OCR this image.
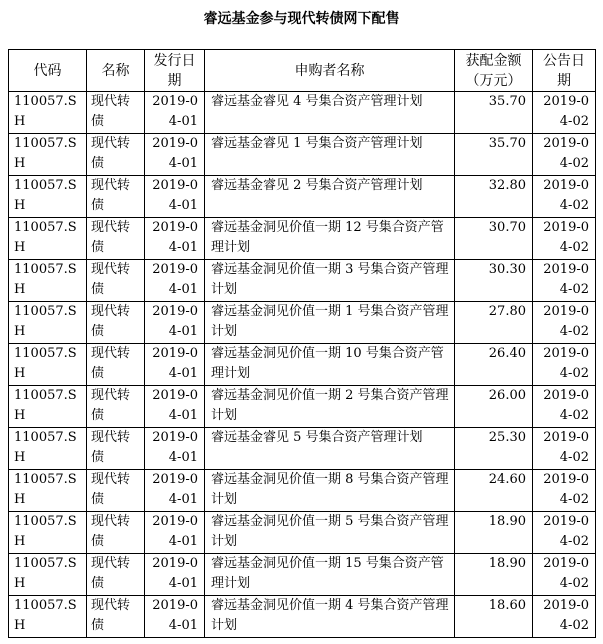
睿远基金参与现代转债网下配售
代码	名称	发行日期	申购者名称	获配金额（万元）	公告日期
110057.SH	现代转债	2019-04-01	睿远基金睿见 4 号集合资产管理计划	35.70	2019-04-02
110057.SH	现代转债	2019-04-01	睿远基金睿见 1 号集合资产管理计划	35.70	2019-04-02
110057.SH	现代转债	2019-04-01	睿远基金睿见 2 号集合资产管理计划	32.80	2019-04-02
110057.SH	现代转债	2019-04-01	睿远基金洞见价值一期 12 号集合资产管理计划	30.70	2019-04-02
110057.SH	现代转债	2019-04-01	睿远基金洞见价值一期 3 号集合资产管理计划	30.30	2019-04-02
110057.SH	现代转债	2019-04-01	睿远基金洞见价值一期 1 号集合资产管理计划	27.80	2019-04-02
110057.SH	现代转债	2019-04-01	睿远基金洞见价值一期 10 号集合资产管理计划	26.40	2019-04-02
110057.SH	现代转债	2019-04-01	睿远基金洞见价值一期 2 号集合资产管理计划	26.00	2019-04-02
110057.SH	现代转债	2019-04-01	睿远基金睿见 5 号集合资产管理计划	25.30	2019-04-02
110057.SH	现代转债	2019-04-01	睿远基金洞见价值一期 8 号集合资产管理计划	24.60	2019-04-02
110057.SH	现代转债	2019-04-01	睿远基金洞见价值一期 5 号集合资产管理计划	18.90	2019-04-02
110057.SH	现代转债	2019-04-01	睿远基金洞见价值一期 15 号集合资产管理计划	18.90	2019-04-02
110057.SH	现代转债	2019-04-01	睿远基金洞见价值一期 4 号集合资产管理计划	18.60	2019-04-02
